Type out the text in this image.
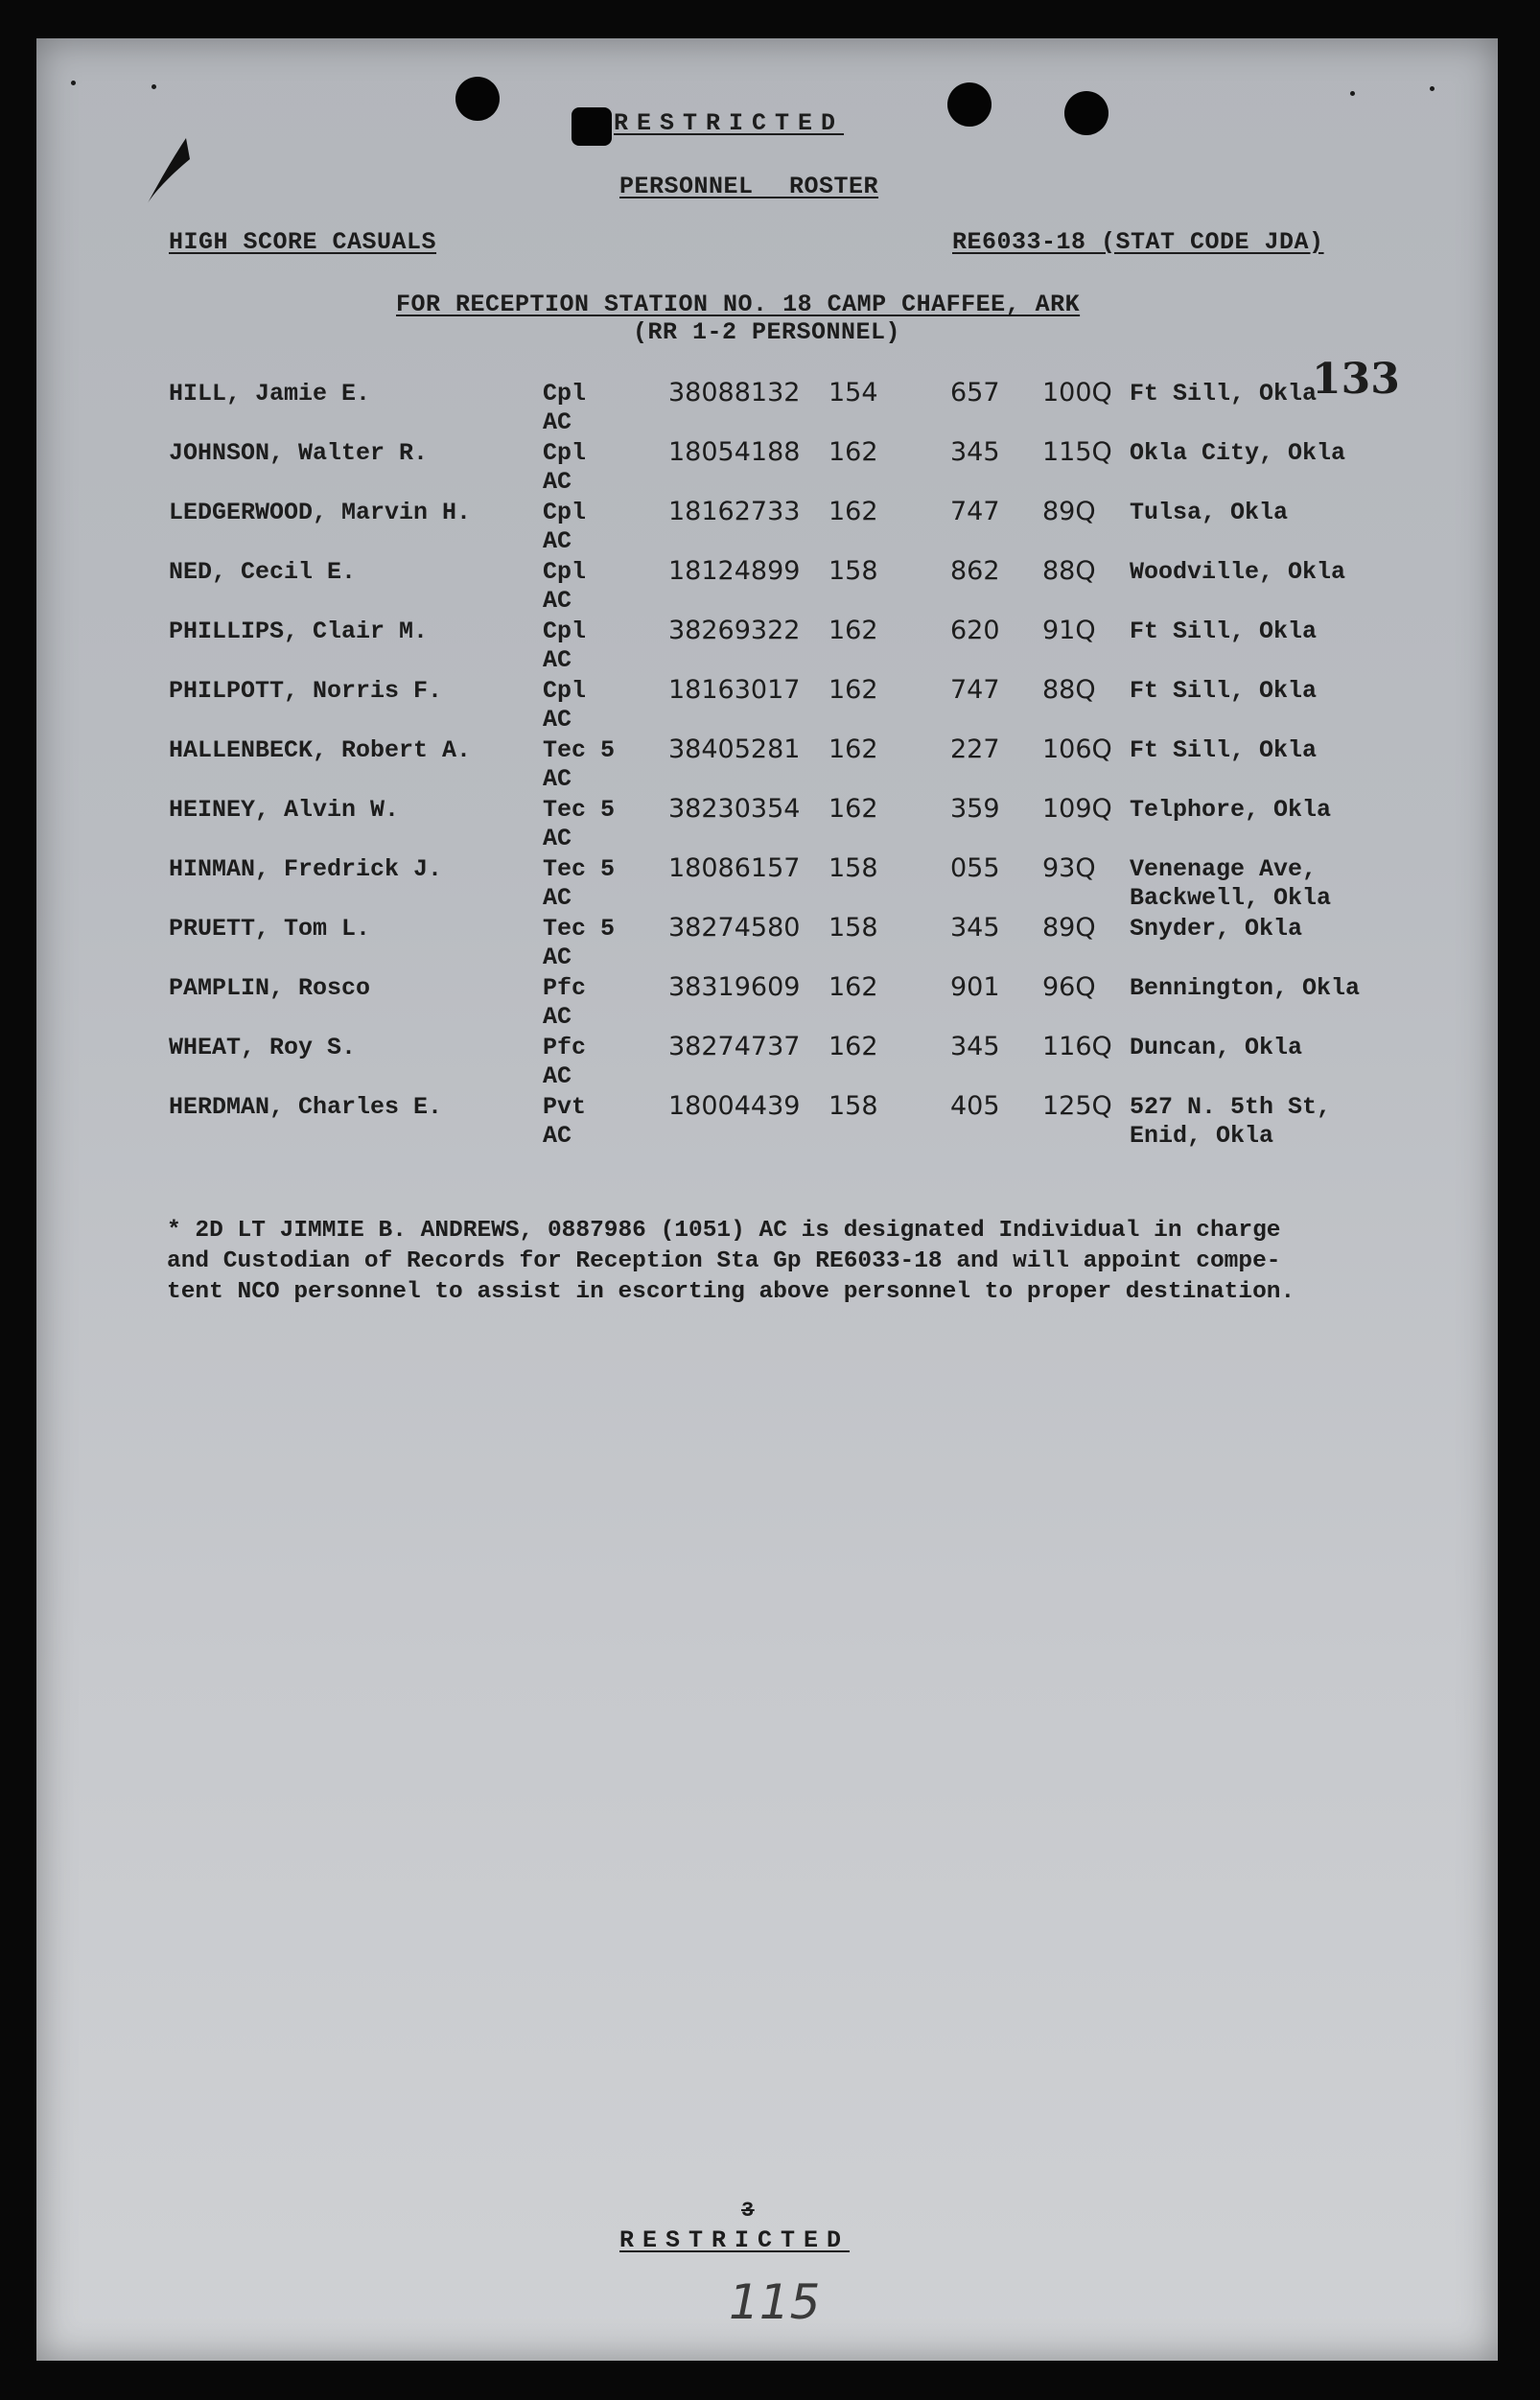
RESTRICTED
PERSONNEL ROSTER
HIGH SCORE CASUALS	RE6033-18 (STAT CODE JDA)
FOR RECEPTION STATION NO. 18 CAMP CHAFFEE, ARK
(RR 1-2 PERSONNEL)
133
HILL, Jamie E.	Cpl	38088132 154	657 100Q Ft Sill, Okla
AC
JOHNSON, Walter R.	Cpl	18054188 162	345 115Q Okla City, Okla
AC
LEDGERWOOD, Marvin H.	Cpl	18162733 162	747 89Q Tulsa, Okla
AC
NED, Cecil E.	Cpl	18124899 158	862 88Q Woodville, Okla
AC
PHILLIPS, Clair M.	Cpl	38269322 162	620 91Q Ft Sill, Okla
AC
PHILPOTT, Norris F.	Cpl	18163017 162	747 88Q Ft Sill, Okla
AC
HALLENBECK, Robert A.	Tec 5 38405281 162	227 106Q Ft Sill, Okla
AC
HEINEY, Alvin W.	Tec 5 38230354 162	359 109Q Telphore, Okla
AC
HINMAN, Fredrick J.	Tec 5 18086157 158	055 93Q Venenage Ave,
AC	Backwell, Okla
PRUETT, Tom L.	Tec 5 38274580 158	345 89Q Snyder, Okla
AC
PAMPLIN, Rosco	Pfc	38319609 162	901 96Q Bennington, Okla
AC
WHEAT, Roy S.	Pfc	38274737 162	345 116Q Duncan, Okla
AC
HERDMAN, Charles E.	Pvt	18004439 158	405 125Q 527 N. 5th St,
AC	Enid, Okla
* 2D LT JIMMIE B. ANDREWS, 0887986 (1051) AC is designated Individual in charge
and Custodian of Records for Reception Sta Gp RE6033-18 and will appoint compe-
tent NCO personnel to assist in escorting above personnel to proper destination.
3
RESTRICTED
115
